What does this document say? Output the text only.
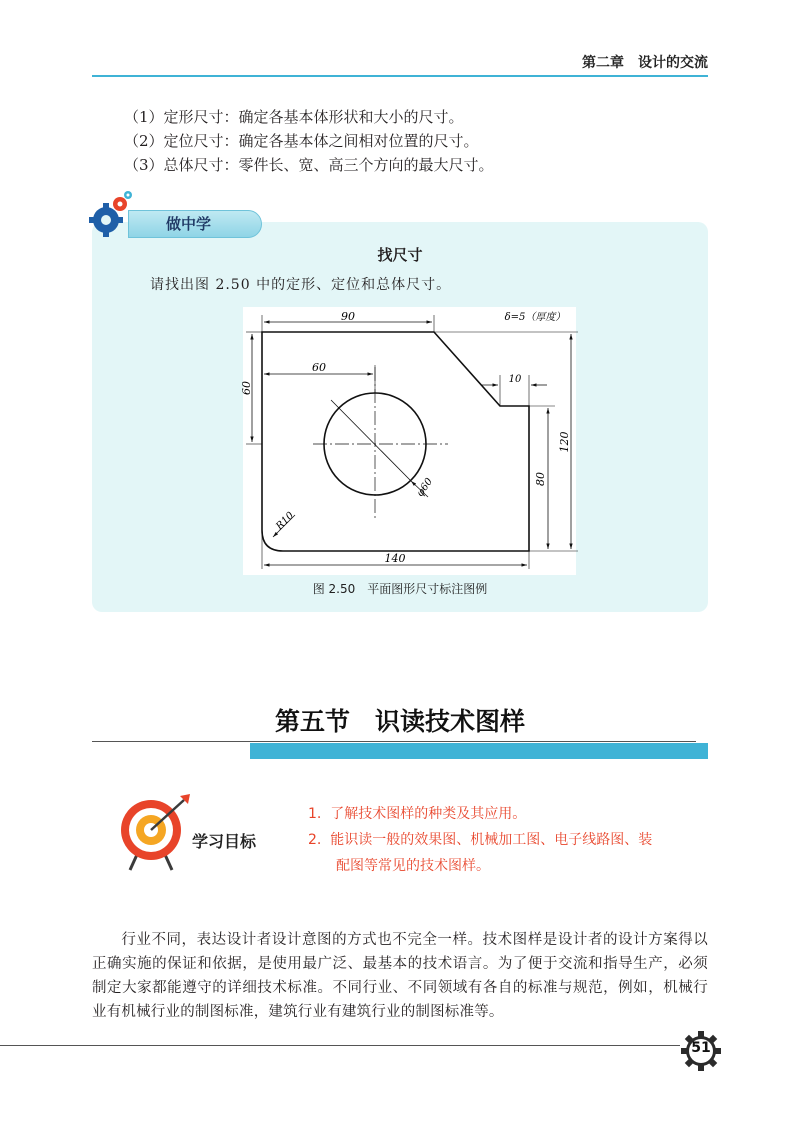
第二章　 设计的交流
（1）定形尺寸：确定各基本体形状和大小的尺寸。
（2）定位尺寸：确定各基本体之间相对位置的尺寸。
（3）总体尺寸：零件长、宽、高三个方向的最大尺寸。
做中学
找尺寸
请找出图 2.50 中的定形、定位和总体尺寸。
90
60
60
10
120
80
R10
φ60
140
δ=5（厚度）
图 2.50　平面图形尺寸标注图例
第五节　识读技术图样
学习目标
1. 了解技术图样的种类及其应用。
2. 能识读一般的效果图、机械加工图、电子线路图、装
配图等常见的技术图样。
行业不同，表达设计者设计意图的方式也不完全一样。技术图样是设计者的设计方案得以正确实施的保证和依据，是使用最广泛、最基本的技术语言。为了便于交流和指导生产，必须制定大家都能遵守的详细技术标准。不同行业、不同领域有各自的标准与规范，例如，机械行业有机械行业的制图标准，建筑行业有建筑行业的制图标准等。
51
